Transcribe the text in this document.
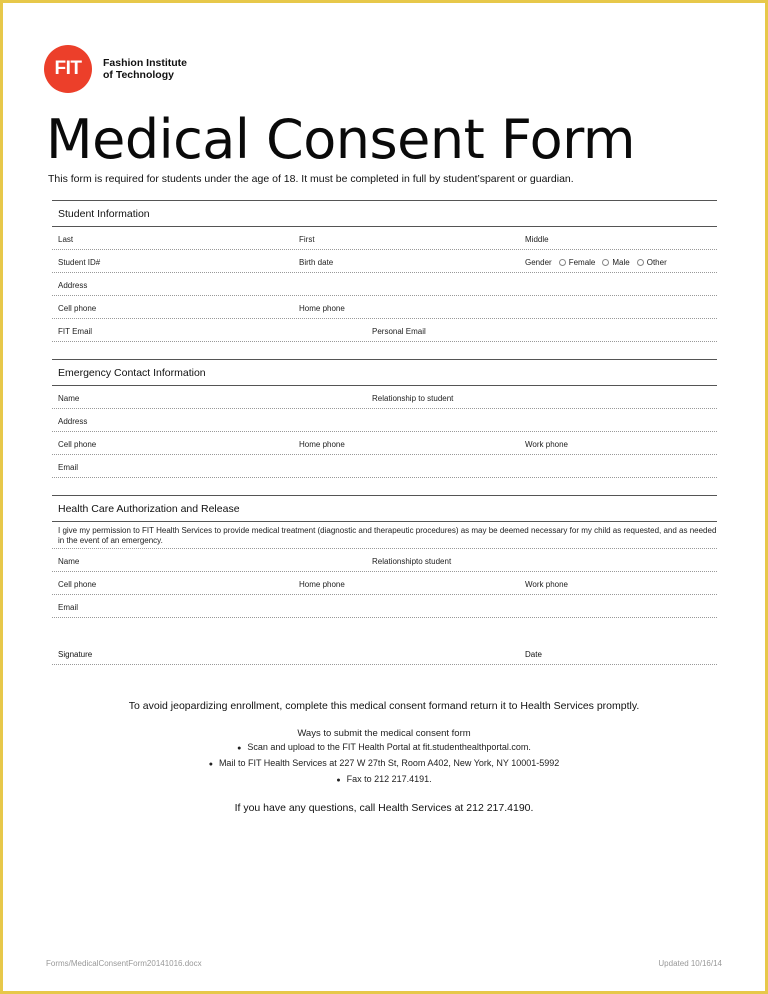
FIT Fashion Institute
of Technology
Medical Consent Form
This form is required for students under the age of 18. It must be completed in full by student’sparent or guardian.
Student Information
Last	First	Middle
Student ID#	Birth date	Gender Female Male Other
Address
Cell phone	Home phone
FIT Email	Personal Email
Emergency Contact Information
Name	Relationship to student
Address
Cell phone	Home phone	Work phone
Email
Health Care Authorization and Release
I give my permission to FIT Health Services to provide medical treatment (diagnostic and therapeutic procedures) as may be deemed necessary for my child as requested, and as needed in the event of an emergency.
Name	Relationshipto student
Cell phone	Home phone	Work phone
Email
Signature	Date
To avoid jeopardizing enrollment, complete this medical consent formand return it to Health Services promptly.
Ways to submit the medical consent form
● Scan and upload to the FIT Health Portal at fit.studenthealthportal.com.
● Mail to FIT Health Services at 227 W 27th St, Room A402, New York, NY 10001-5992
● Fax to 212 217.4191.
If you have any questions, call Health Services at 212 217.4190.
Forms/MedicalConsentForm20141016.docx	Updated 10/16/14
